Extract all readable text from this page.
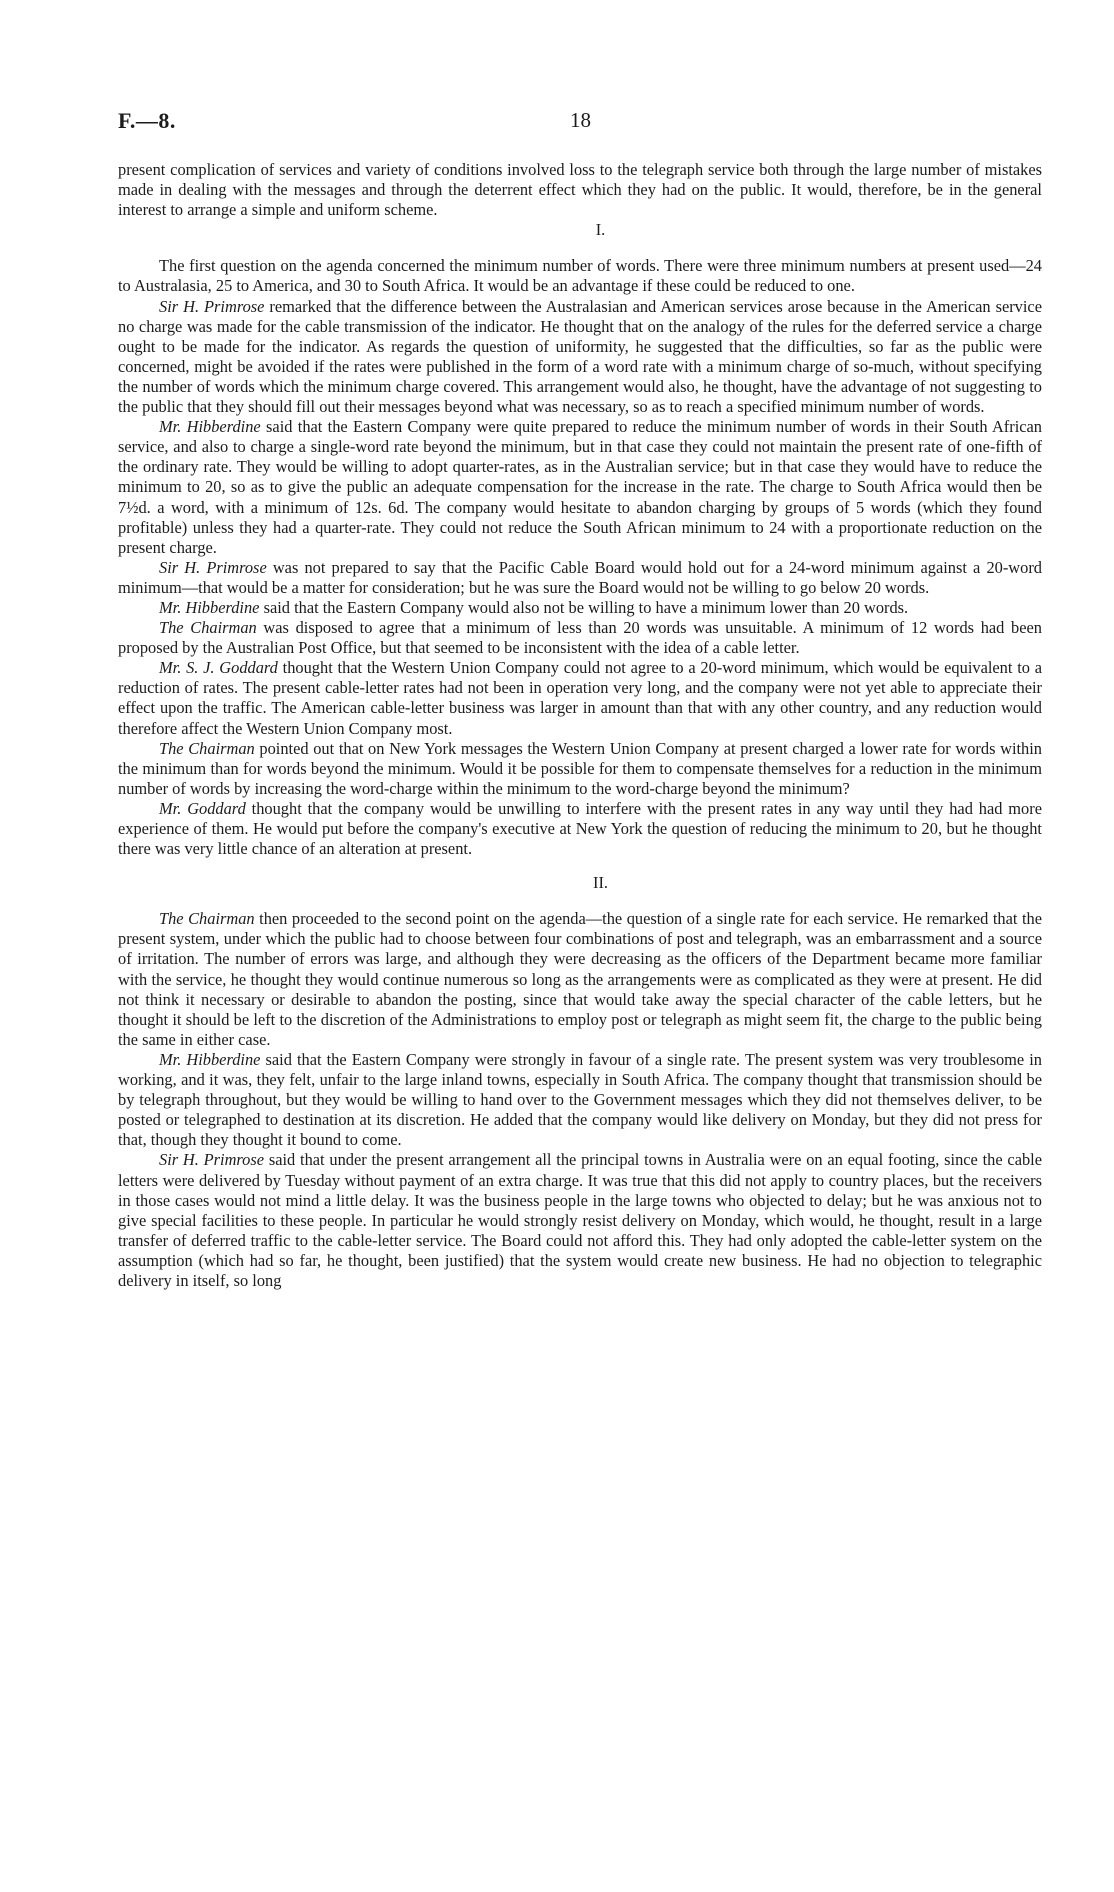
F.—8.	18

present complication of services and variety of conditions involved loss to the telegraph service both through the large number of mistakes made in dealing with the messages and through the deterrent effect which they had on the public. It would, therefore, be in the general interest to arrange a simple and uniform scheme.

I.

The first question on the agenda concerned the minimum number of words. There were three minimum numbers at present used—24 to Australasia, 25 to America, and 30 to South Africa. It would be an advantage if these could be reduced to one.

Sir H. Primrose remarked that the difference between the Australasian and American services arose because in the American service no charge was made for the cable transmission of the indicator. He thought that on the analogy of the rules for the deferred service a charge ought to be made for the indicator. As regards the question of uniformity, he suggested that the difficulties, so far as the public were concerned, might be avoided if the rates were published in the form of a word rate with a minimum charge of so-much, without specifying the number of words which the minimum charge covered. This arrangement would also, he thought, have the advantage of not suggesting to the public that they should fill out their messages beyond what was necessary, so as to reach a specified minimum number of words.

Mr. Hibberdine said that the Eastern Company were quite prepared to reduce the minimum number of words in their South African service, and also to charge a single-word rate beyond the minimum, but in that case they could not maintain the present rate of one-fifth of the ordinary rate. They would be willing to adopt quarter-rates, as in the Australian service; but in that case they would have to reduce the minimum to 20, so as to give the public an adequate compensation for the increase in the rate. The charge to South Africa would then be 7½d. a word, with a minimum of 12s. 6d. The company would hesitate to abandon charging by groups of 5 words (which they found profitable) unless they had a quarter-rate. They could not reduce the South African minimum to 24 with a proportionate reduction on the present charge.

Sir H. Primrose was not prepared to say that the Pacific Cable Board would hold out for a 24-word minimum against a 20-word minimum—that would be a matter for consideration; but he was sure the Board would not be willing to go below 20 words.

Mr. Hibberdine said that the Eastern Company would also not be willing to have a minimum lower than 20 words.

The Chairman was disposed to agree that a minimum of less than 20 words was unsuitable. A minimum of 12 words had been proposed by the Australian Post Office, but that seemed to be inconsistent with the idea of a cable letter.

Mr. S. J. Goddard thought that the Western Union Company could not agree to a 20-word minimum, which would be equivalent to a reduction of rates. The present cable-letter rates had not been in operation very long, and the company were not yet able to appreciate their effect upon the traffic. The American cable-letter business was larger in amount than that with any other country, and any reduction would therefore affect the Western Union Company most.

The Chairman pointed out that on New York messages the Western Union Company at present charged a lower rate for words within the minimum than for words beyond the minimum. Would it be possible for them to compensate themselves for a reduction in the minimum number of words by increasing the word-charge within the minimum to the word-charge beyond the minimum?

Mr. Goddard thought that the company would be unwilling to interfere with the present rates in any way until they had had more experience of them. He would put before the company's executive at New York the question of reducing the minimum to 20, but he thought there was very little chance of an alteration at present.

II.

The Chairman then proceeded to the second point on the agenda—the question of a single rate for each service. He remarked that the present system, under which the public had to choose between four combinations of post and telegraph, was an embarrassment and a source of irritation. The number of errors was large, and although they were decreasing as the officers of the Department became more familiar with the service, he thought they would continue numerous so long as the arrangements were as complicated as they were at present. He did not think it necessary or desirable to abandon the posting, since that would take away the special character of the cable letters, but he thought it should be left to the discretion of the Administrations to employ post or telegraph as might seem fit, the charge to the public being the same in either case.

Mr. Hibberdine said that the Eastern Company were strongly in favour of a single rate. The present system was very troublesome in working, and it was, they felt, unfair to the large inland towns, especially in South Africa. The company thought that transmission should be by telegraph throughout, but they would be willing to hand over to the Government messages which they did not themselves deliver, to be posted or telegraphed to destination at its discretion. He added that the company would like delivery on Monday, but they did not press for that, though they thought it bound to come.

Sir H. Primrose said that under the present arrangement all the principal towns in Australia were on an equal footing, since the cable letters were delivered by Tuesday without payment of an extra charge. It was true that this did not apply to country places, but the receivers in those cases would not mind a little delay. It was the business people in the large towns who objected to delay; but he was anxious not to give special facilities to these people. In particular he would strongly resist delivery on Monday, which would, he thought, result in a large transfer of deferred traffic to the cable-letter service. The Board could not afford this. They had only adopted the cable-letter system on the assumption (which had so far, he thought, been justified) that the system would create new business. He had no objection to telegraphic delivery in itself, so long
